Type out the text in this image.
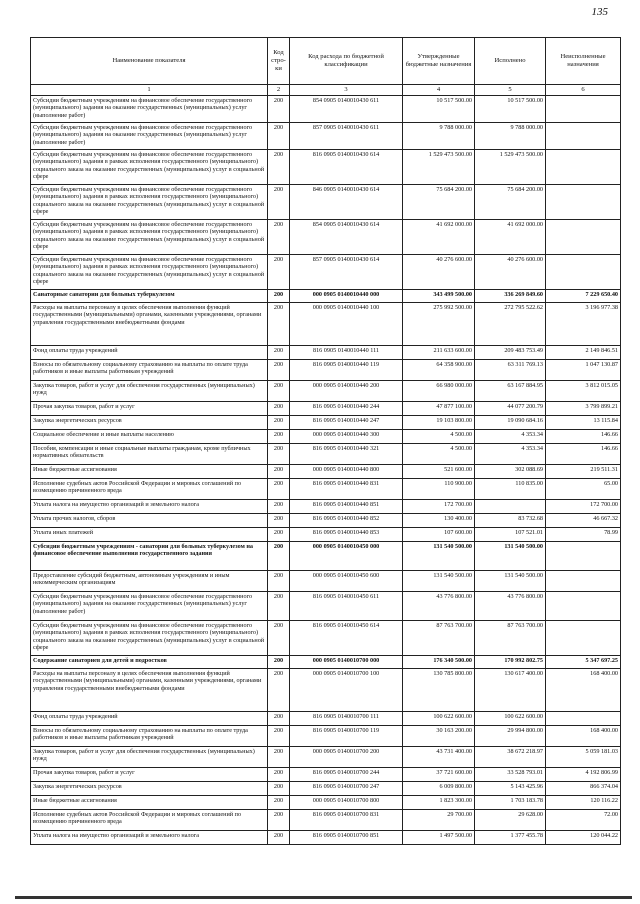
135
Наименование показателя	Код стро-ки	Код расхода по бюджетной классификации	Утвержденные бюджетные назначения	Исполнено	Неисполненные назначения
1	2	3	4	5	6
Субсидии бюджетным учреждениям на финансовое обеспечение государственного (муниципального) задания на оказание государственных (муниципальных) услуг (выполнение работ)	200	854 0905 0140010430 611	10 517 500.00	10 517 500.00	
Субсидии бюджетным учреждениям на финансовое обеспечение государственного (муниципального) задания на оказание государственных (муниципальных) услуг (выполнение работ)	200	857 0905 0140010430 611	9 788 000.00	9 788 000.00	
Субсидии бюджетным учреждениям на финансовое обеспечение государственного (муниципального) задания в рамках исполнения государственного (муниципального) социального заказа на оказание государственных (муниципальных) услуг в социальной сфере	200	816 0905 0140010430 614	1 529 473 500.00	1 529 473 500.00	
Субсидии бюджетным учреждениям на финансовое обеспечение государственного (муниципального) задания в рамках исполнения государственного (муниципального) социального заказа на оказание государственных (муниципальных) услуг в социальной сфере	200	846 0905 0140010430 614	75 684 200.00	75 684 200.00	
Субсидии бюджетным учреждениям на финансовое обеспечение государственного (муниципального) задания в рамках исполнения государственного (муниципального) социального заказа на оказание государственных (муниципальных) услуг в социальной сфере	200	854 0905 0140010430 614	41 692 000.00	41 692 000.00	
Субсидии бюджетным учреждениям на финансовое обеспечение государственного (муниципального) задания в рамках исполнения государственного (муниципального) социального заказа на оказание государственных (муниципальных) услуг в социальной сфере	200	857 0905 0140010430 614	40 276 600.00	40 276 600.00	
Санаторные санатории для больных туберкулезом	200	000 0905 0140010440 000	343 499 500.00	336 269 849.60	7 229 650.40
Расходы на выплаты персоналу в целях обеспечения выполнения функций государственными (муниципальными) органами, казенными учреждениями, органами управления государственными внебюджетными фондами	200	000 0905 0140010440 100	275 992 500.00	272 795 522.62	3 196 977.38
Фонд оплаты труда учреждений	200	816 0905 0140010440 111	211 633 600.00	209 483 753.49	2 149 846.51
Взносы по обязательному социальному страхованию на выплаты по оплате труда работников и иные выплаты работникам учреждений	200	816 0905 0140010440 119	64 358 900.00	63 311 769.13	1 047 130.87
Закупка товаров, работ и услуг для обеспечения государственных (муниципальных) нужд	200	000 0905 0140010440 200	66 980 000.00	63 167 884.95	3 812 015.05
Прочая закупка товаров, работ и услуг	200	816 0905 0140010440 244	47 877 100.00	44 077 200.79	3 799 899.21
Закупка энергетических ресурсов	200	816 0905 0140010440 247	19 103 800.00	19 090 684.16	13 115.84
Социальное обеспечение и иные выплаты населению	200	000 0905 0140010440 300	4 500.00	4 353.34	146.66
Пособия, компенсации и иные социальные выплаты гражданам, кроме публичных нормативных обязательств	200	816 0905 0140010440 321	4 500.00	4 353.34	146.66
Иные бюджетные ассигнования	200	000 0905 0140010440 800	521 600.00	302 088.69	219 511.31
Исполнение судебных актов Российской Федерации и мировых соглашений по возмещению причиненного вреда	200	816 0905 0140010440 831	110 900.00	110 835.00	65.00
Уплата налога на имущество организаций и земельного налога	200	816 0905 0140010440 851	172 700.00		172 700.00
Уплата прочих налогов, сборов	200	816 0905 0140010440 852	130 400.00	83 732.68	46 667.32
Уплата иных платежей	200	816 0905 0140010440 853	107 600.00	107 521.01	78.99
Субсидии бюджетным учреждениям - санатории для больных туберкулезом на финансовое обеспечение выполнения государственного задания	200	000 0905 0140010450 000	131 540 500.00	131 540 500.00	
Предоставление субсидий бюджетным, автономным учреждениям и иным некоммерческим организациям	200	000 0905 0140010450 600	131 540 500.00	131 540 500.00	
Субсидии бюджетным учреждениям на финансовое обеспечение государственного (муниципального) задания на оказание государственных (муниципальных) услуг (выполнение работ)	200	816 0905 0140010450 611	43 776 800.00	43 776 800.00	
Субсидии бюджетным учреждениям на финансовое обеспечение государственного (муниципального) задания в рамках исполнения государственного (муниципального) социального заказа на оказание государственных (муниципальных) услуг в социальной сфере	200	816 0905 0140010450 614	87 763 700.00	87 763 700.00	
Содержание санаториев для детей и подростков	200	000 0905 0140010700 000	176 340 500.00	170 992 802.75	5 347 697.25
Расходы на выплаты персоналу в целях обеспечения выполнения функций государственными (муниципальными) органами, казенными учреждениями, органами управления государственными внебюджетными фондами	200	000 0905 0140010700 100	130 785 800.00	130 617 400.00	168 400.00
Фонд оплаты труда учреждений	200	816 0905 0140010700 111	100 622 600.00	100 622 600.00	
Взносы по обязательному социальному страхованию на выплаты по оплате труда работников и иные выплаты работникам учреждений	200	816 0905 0140010700 119	30 163 200.00	29 994 800.00	168 400.00
Закупка товаров, работ и услуг для обеспечения государственных (муниципальных) нужд	200	000 0905 0140010700 200	43 731 400.00	38 672 218.97	5 059 181.03
Прочая закупка товаров, работ и услуг	200	816 0905 0140010700 244	37 721 600.00	33 528 793.01	4 192 806.99
Закупка энергетических ресурсов	200	816 0905 0140010700 247	6 009 800.00	5 143 425.96	866 374.04
Иные бюджетные ассигнования	200	000 0905 0140010700 800	1 823 300.00	1 703 183.78	120 116.22
Исполнение судебных актов Российской Федерации и мировых соглашений по возмещению причиненного вреда	200	816 0905 0140010700 831	29 700.00	29 628.00	72.00
Уплата налога на имущество организаций и земельного налога	200	816 0905 0140010700 851	1 497 500.00	1 377 455.78	120 044.22
